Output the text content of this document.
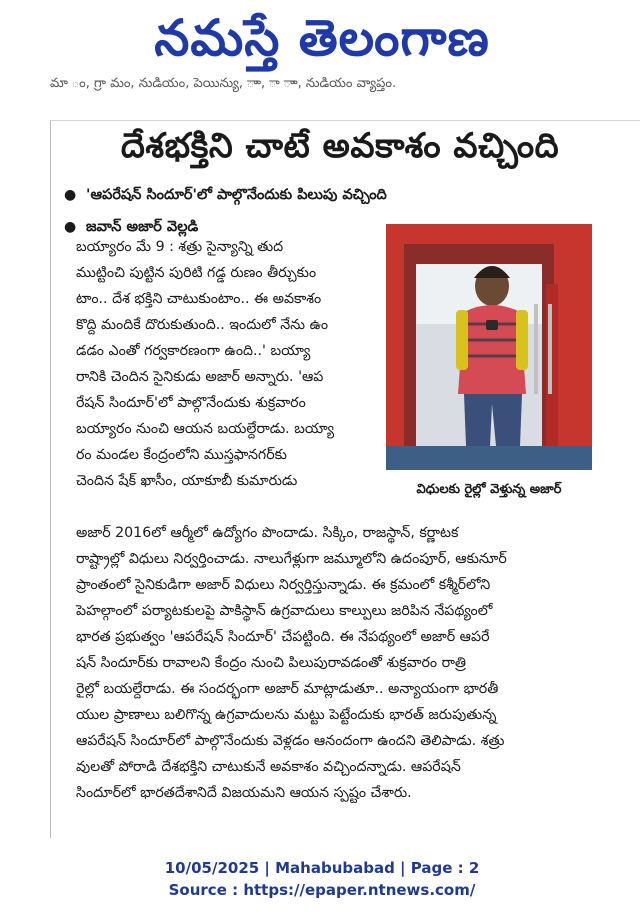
నమస్తే తెలంగాణ
మా ం, గ్రా మం, నుడియం, పెయిన్యు, ాా, ా ాా, నుడియం వ్యాప్తం.
దేశభక్తిని చాటే అవకాశం వచ్చింది
● 'ఆపరేషన్ సిందూర్'లో పాల్గొనేందుకు పిలుపు వచ్చింది
● జవాన్ అజార్ వెల్లడి
విధులకు రైల్లో వెళ్తున్న అజార్
బయ్యారం మే 9 : శత్రు సైన్యాన్ని తుద
ముట్టించి పుట్టిన పురిటి గడ్డ రుణం తీర్చుకుం
టాం.. దేశ భక్తిని చాటుకుంటాం.. ఈ అవకాశం
కొద్ది మందికే దొరుకుతుంది.. ఇందులో నేను ఉం
డడం ఎంతో గర్వకారణంగా ఉంది..' బయ్యా
రానికి చెందిన సైనికుడు అజార్ అన్నారు. 'ఆప
రేషన్ సిందూర్'లో పాల్గొనేందుకు శుక్రవారం
బయ్యారం నుంచి ఆయన బయల్దేరాడు. బయ్యా
రం మండల కేంద్రంలోని ముస్తఫానగర్‌కు
చెందిన షేక్ ఖాసీం, యాకూబీ కుమారుడు
అజార్ 2016లో ఆర్మీలో ఉద్యోగం పొందాడు. సిక్కిం, రాజస్థాన్, కర్ణాటక
రాష్ట్రాల్లో విధులు నిర్వర్తించాడు. నాలుగేళ్లుగా జమ్మూలోని ఉదంపూర్, ఆకునూర్
ప్రాంతంలో సైనికుడిగా అజార్ విధులు నిర్వర్తిస్తున్నాడు. ఈ క్రమంలో కశ్మీర్‌లోని
పెహల్గాంలో పర్యాటకులపై పాకిస్థాన్ ఉగ్రవాదులు కాల్పులు జరిపిన నేపథ్యంలో
భారత ప్రభుత్వం 'ఆపరేషన్ సిందూర్' చేపట్టింది. ఈ నేపథ్యంలో అజార్ ఆపరే
షన్ సిందూర్‌కు రావాలని కేంద్రం నుంచి పిలుపురావడంతో శుక్రవారం రాత్రి
రైల్లో బయల్దేరాడు. ఈ సందర్భంగా అజార్ మాట్లాడుతూ.. అన్యాయంగా భారతీ
యుల ప్రాణాలు బలిగొన్న ఉగ్రవాదులను మట్టు పెట్టేందుకు భారత్ జరుపుతున్న
ఆపరేషన్ సిందూర్‌లో పాల్గొనేందుకు వెళ్లడం ఆనందంగా ఉందని తెలిపాడు. శత్రు
వులతో పోరాడి దేశభక్తిని చాటుకునే అవకాశం వచ్చిందన్నాడు. ఆపరేషన్
సిందూర్‌లో భారతదేశానిదే విజయమని ఆయన స్పష్టం చేశారు.
10/05/2025 | Mahabubabad | Page : 2
Source : https://epaper.ntnews.com/
